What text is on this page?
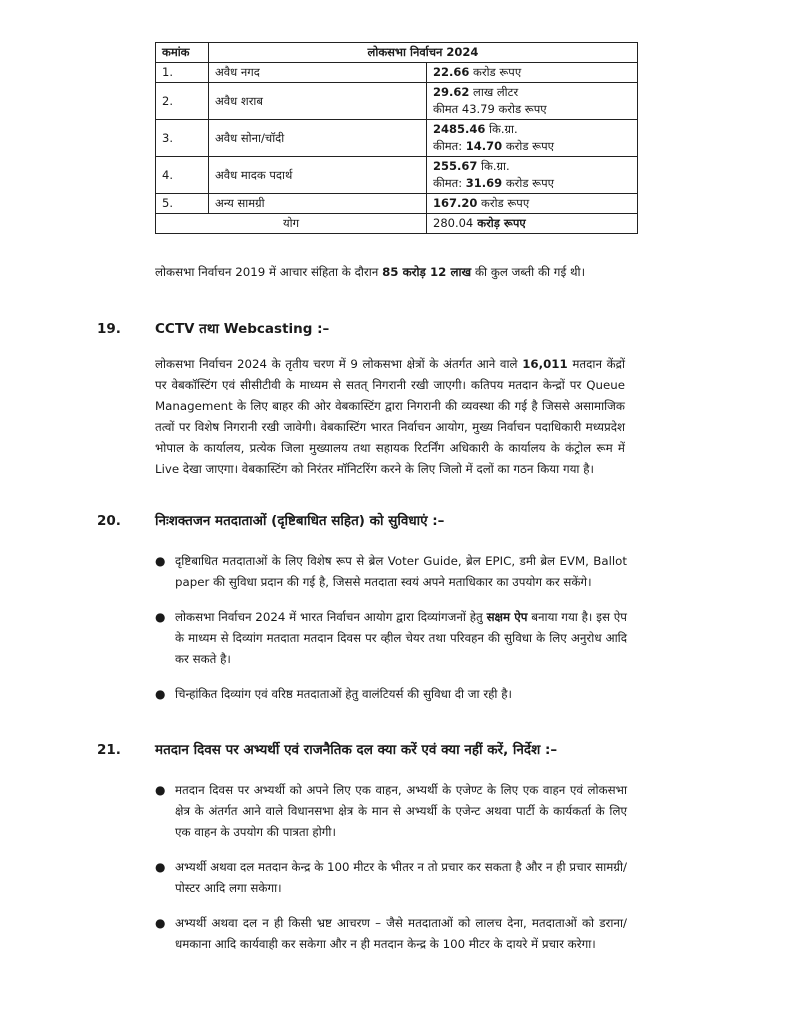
कमांक	लोकसभा निर्वाचन 2024	
1.	अवैध नगद	22.66 करोड रूपए
2.	अवैध शराब	29.62 लाख लीटर
कीमत 43.79 करोड रूपए
3.	अवैध सोना/चॉदी	2485.46 कि.ग्रा.
कीमत: 14.70 करोड रूपए
4.	अवैध मादक पदार्थ	255.67 कि.ग्रा.
कीमत: 31.69 करोड रूपए
5.	अन्य सामग्री	167.20 करोड रूपए
योग		280.04 करोड़ रूपए

लोकसभा निर्वाचन 2019 में आचार संहिता के दौरान 85 करोड़ 12 लाख की कुल जब्ती की गई थी।

19.	CCTV तथा Webcasting :–

लोकसभा निर्वाचन 2024 के तृतीय चरण में 9 लोकसभा क्षेत्रों के अंतर्गत आने वाले 16,011 मतदान केंद्रों पर वेबकॉस्टिंग एवं सीसीटीवी के माध्यम से सतत् निगरानी रखी जाएगी। कतिपय मतदान केन्द्रों पर Queue Management के लिए बाहर की ओर वेबकास्टिंग द्वारा निगरानी की व्यवस्था की गई है जिससे असामाजिक तत्वों पर विशेष निगरानी रखी जावेगी। वेबकास्टिंग भारत निर्वाचन आयोग, मुख्य निर्वाचन पदाधिकारी मध्यप्रदेश भोपाल के कार्यालय, प्रत्येक जिला मुख्यालय तथा सहायक रिटर्निंग अधिकारी के कार्यालय के कंट्रोल रूम में Live देखा जाएगा। वेबकास्टिंग को निरंतर मॉनिटरिंग करने के लिए जिलो में दलों का गठन किया गया है।

20.	निःशक्तजन मतदाताओं (दृष्टिबाधित सहित) को सुविधाएं :–
● दृष्टिबाधित मतदाताओं के लिए विशेष रूप से ब्रेल Voter Guide, ब्रेल EPIC, डमी ब्रेल EVM, Ballot paper की सुविधा प्रदान की गई है, जिससे मतदाता स्वयं अपने मताधिकार का उपयोग कर सकेंगे।
● लोकसभा निर्वाचन 2024 में भारत निर्वाचन आयोग द्वारा दिव्यांगजनों हेतु सक्षम ऐप बनाया गया है। इस ऐप के माध्यम से दिव्यांग मतदाता मतदान दिवस पर व्हील चेयर तथा परिवहन की सुविधा के लिए अनुरोध आदि कर सकते है।
● चिन्हांकित दिव्यांग एवं वरिष्ठ मतदाताओं हेतु वालंटियर्स की सुविधा दी जा रही है।
21.	मतदान दिवस पर अभ्यर्थी एवं राजनैतिक दल क्या करें एवं क्या नहीं करें, निर्देश :–
● मतदान दिवस पर अभ्यर्थी को अपने लिए एक वाहन, अभ्यर्थी के एजेण्ट के लिए एक वाहन एवं लोकसभा क्षेत्र के अंतर्गत आने वाले विधानसभा क्षेत्र के मान से अभ्यर्थी के एजेन्ट अथवा पार्टी के कार्यकर्ता के लिए एक वाहन के उपयोग की पात्रता होगी।
● अभ्यर्थी अथवा दल मतदान केन्द्र के 100 मीटर के भीतर न तो प्रचार कर सकता है और न ही प्रचार सामग्री/पोस्टर आदि लगा सकेगा।
● अभ्यर्थी अथवा दल न ही किसी भ्रष्ट आचरण – जैसे मतदाताओं को लालच देना, मतदाताओं को डराना/धमकाना आदि कार्यवाही कर सकेगा और न ही मतदान केन्द्र के 100 मीटर के दायरे में प्रचार करेगा।
